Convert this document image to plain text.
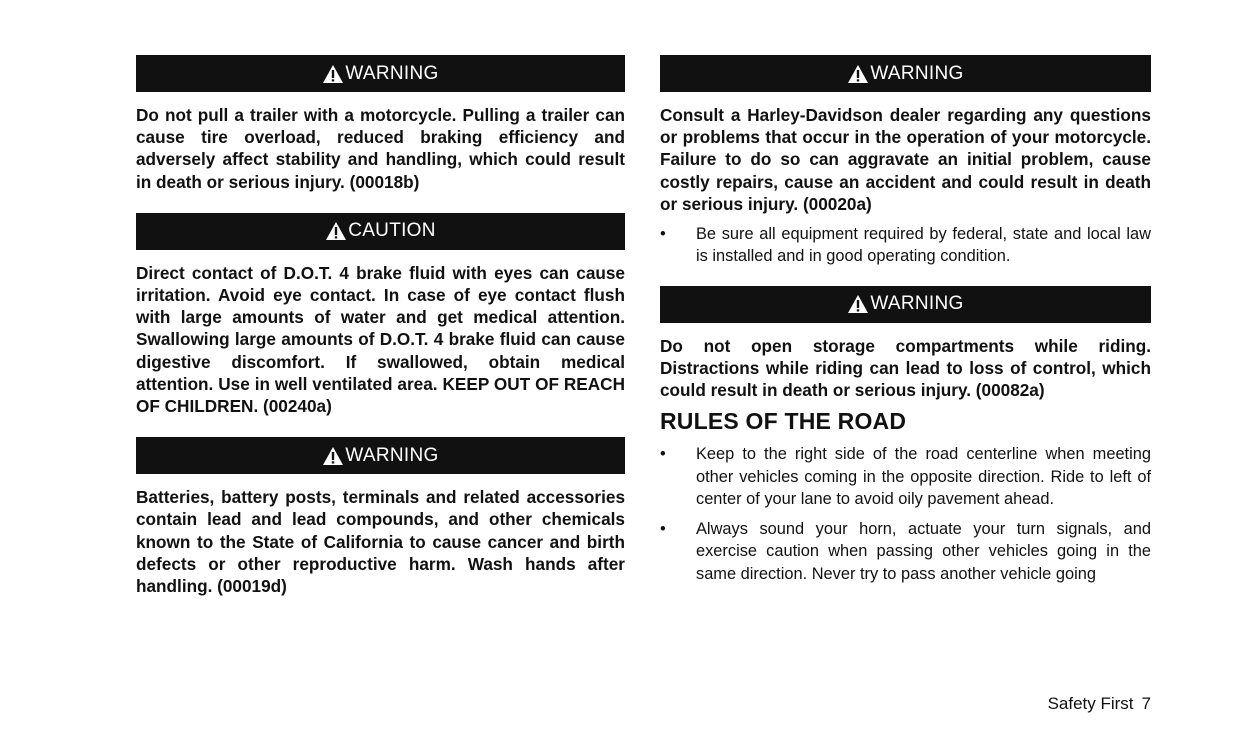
WARNING

Do not pull a trailer with a motorcycle. Pulling a trailer can cause tire overload, reduced braking efficiency and adversely affect stability and handling, which could result in death or serious injury. (00018b)

CAUTION

Direct contact of D.O.T. 4 brake fluid with eyes can cause irritation. Avoid eye contact. In case of eye contact flush with large amounts of water and get medical attention. Swallowing large amounts of D.O.T. 4 brake fluid can cause digestive discomfort. If swallowed, obtain medical attention. Use in well ventilated area. KEEP OUT OF REACH OF CHILDREN. (00240a)

WARNING

Batteries, battery posts, terminals and related accessories contain lead and lead compounds, and other chemicals known to the State of California to cause cancer and birth defects or other reproductive harm. Wash hands after handling. (00019d)

WARNING

Consult a Harley-Davidson dealer regarding any questions or problems that occur in the operation of your motorcycle. Failure to do so can aggravate an initial problem, cause costly repairs, cause an accident and could result in death or serious injury. (00020a)

• Be sure all equipment required by federal, state and local law is installed and in good operating condition.

WARNING

Do not open storage compartments while riding. Distractions while riding can lead to loss of control, which could result in death or serious injury. (00082a)

RULES OF THE ROAD

• Keep to the right side of the road centerline when meeting other vehicles coming in the opposite direction. Ride to left of center of your lane to avoid oily pavement ahead.

• Always sound your horn, actuate your turn signals, and exercise caution when passing other vehicles going in the same direction. Never try to pass another vehicle going

Safety First 7
